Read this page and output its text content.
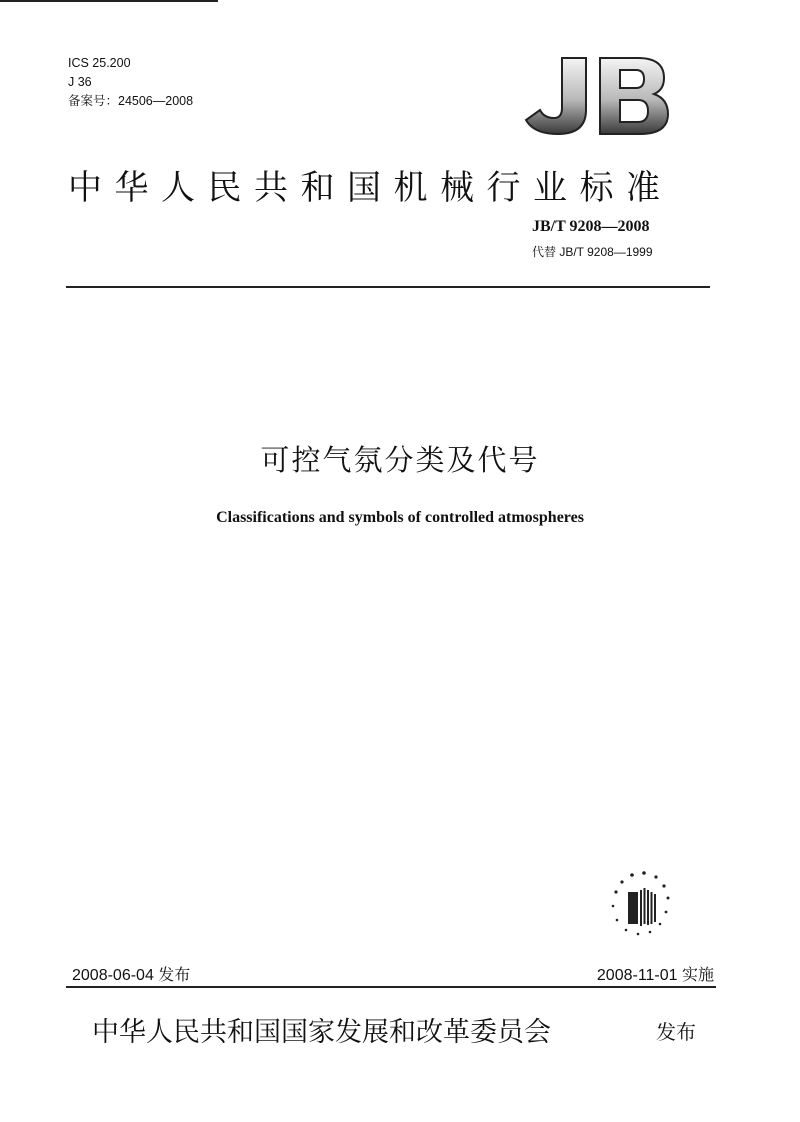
ICS 25.200
J 36
备案号：24506—2008
中华人民共和国机械行业标准
JB/T 9208—2008
代替 JB/T 9208—1999
可控气氛分类及代号
Classifications and symbols of controlled atmospheres
2008-06-04 发布	2008-11-01 实施
中华人民共和国国家发展和改革委员会	发布
